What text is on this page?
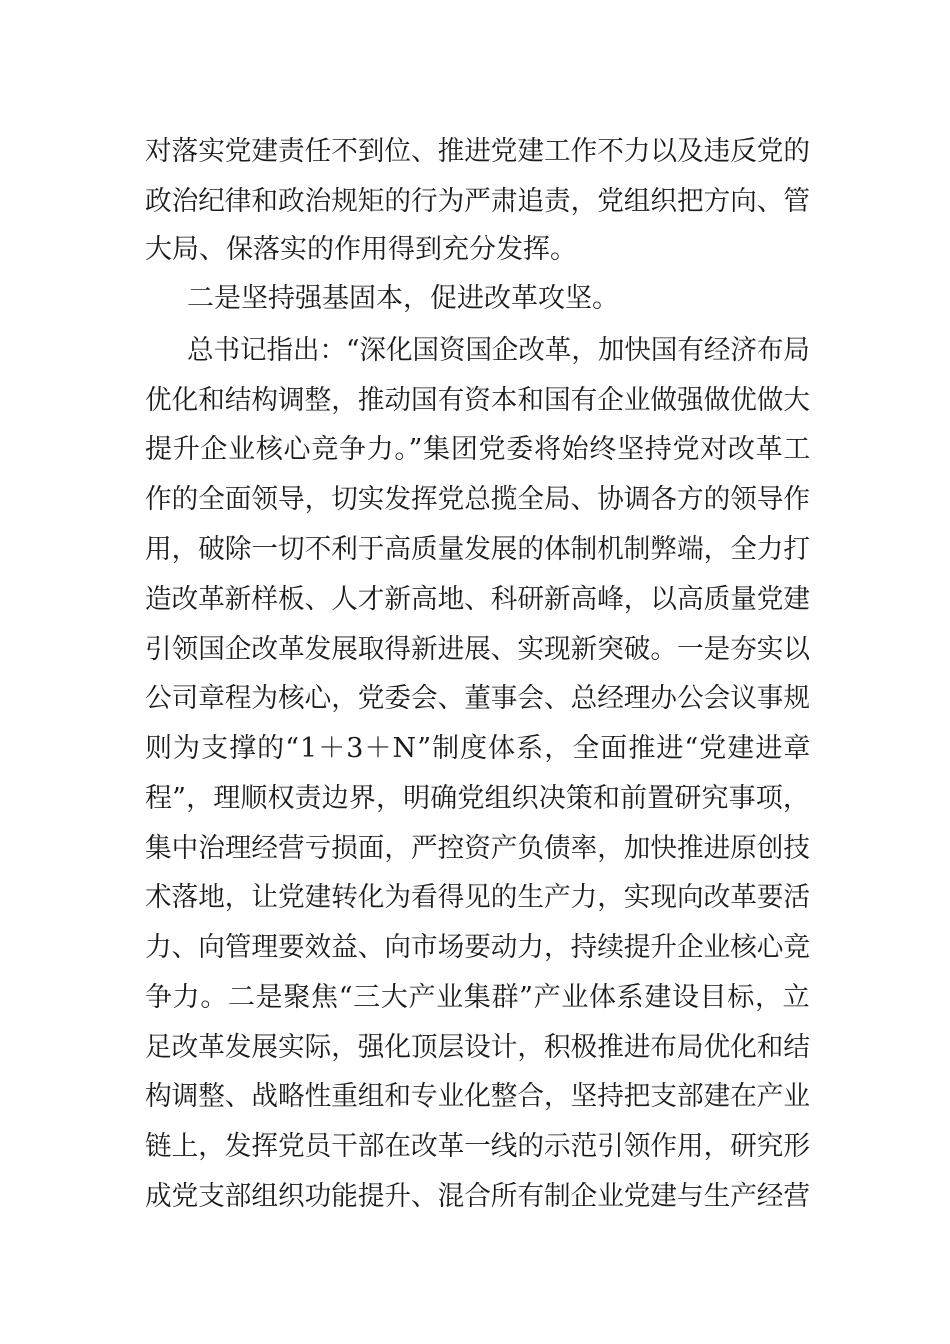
对落实党建责任不到位、推进党建工作不力以及违反党的
政治纪律和政治规矩的行为严肃追责，党组织把方向、管
大局、保落实的作用得到充分发挥。
二是坚持强基固本，促进改革攻坚。
总书记指出：“深化国资国企改革，加快国有经济布局
优化和结构调整，推动国有资本和国有企业做强做优做大
提升企业核心竞争力。”集团党委将始终坚持党对改革工
作的全面领导，切实发挥党总揽全局、协调各方的领导作
用，破除一切不利于高质量发展的体制机制弊端，全力打
造改革新样板、人才新高地、科研新高峰，以高质量党建
引领国企改革发展取得新进展、实现新突破。一是夯实以
公司章程为核心，党委会、董事会、总经理办公会议事规
则为支撑的“1＋3＋N”制度体系，全面推进“党建进章
程”，理顺权责边界，明确党组织决策和前置研究事项，
集中治理经营亏损面，严控资产负债率，加快推进原创技
术落地，让党建转化为看得见的生产力，实现向改革要活
力、向管理要效益、向市场要动力，持续提升企业核心竞
争力。二是聚焦“三大产业集群”产业体系建设目标，立
足改革发展实际，强化顶层设计，积极推进布局优化和结
构调整、战略性重组和专业化整合，坚持把支部建在产业
链上，发挥党员干部在改革一线的示范引领作用，研究形
成党支部组织功能提升、混合所有制企业党建与生产经营
